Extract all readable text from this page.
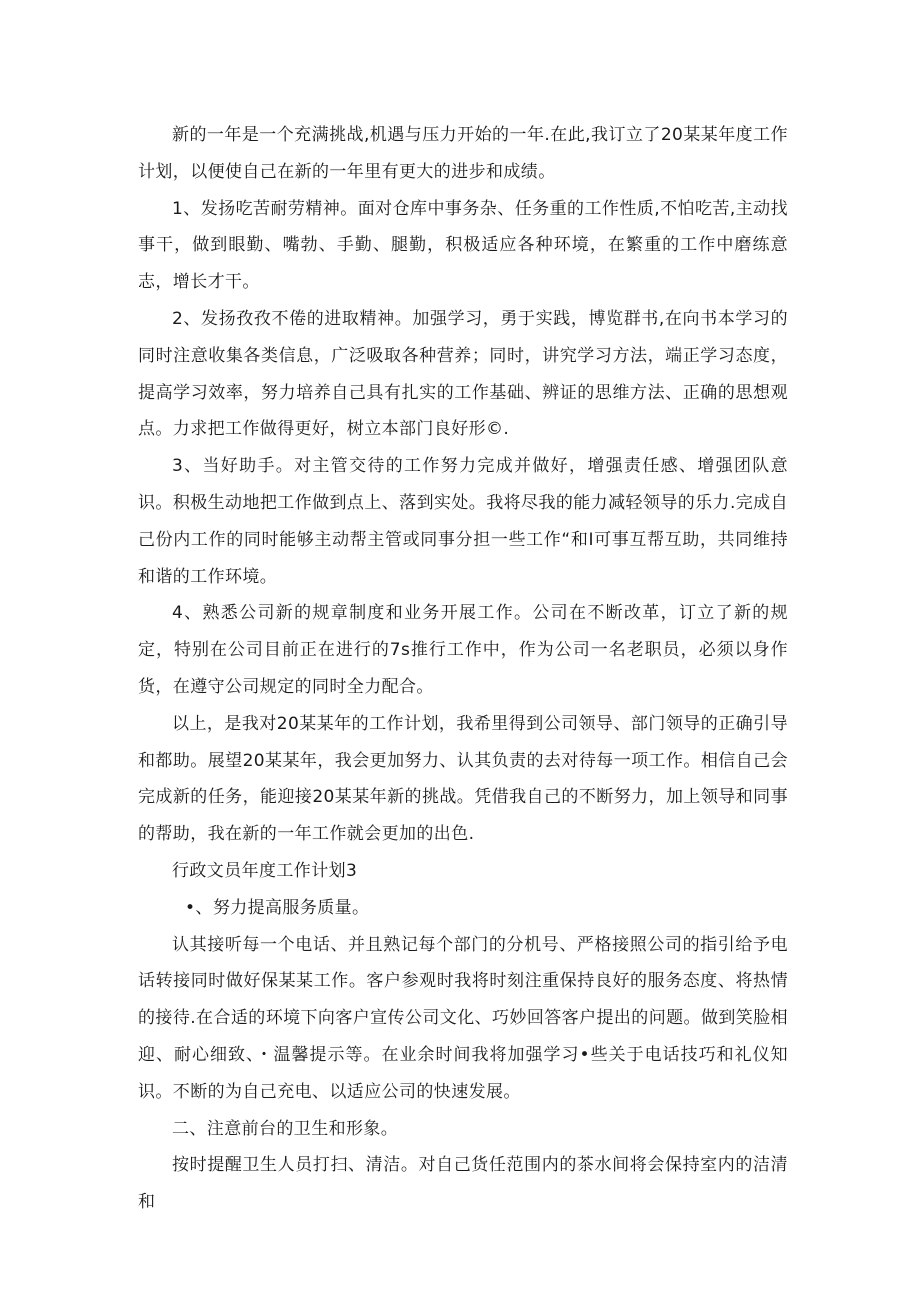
新的一年是一个充满挑战,机遇与压力开始的一年.在此,我订立了20某某年度工作计划，以便使自己在新的一年里有更大的进步和成绩。

1、发扬吃苦耐劳精神。面对仓库中事务杂、任务重的工作性质,不怕吃苦,主动找事干，做到眼勤、嘴勃、手勤、腿勤，积极适应各种环境，在繁重的工作中磨练意志，增长才干。

2、发扬孜孜不倦的进取精神。加强学习，勇于实践，博览群书,在向书本学习的同时注意收集各类信息，广泛吸取各种营养；同时，讲究学习方法，端正学习态度，提高学习效率，努力培养自己具有扎实的工作基础、辨证的思维方法、正确的思想观点。力求把工作做得更好，树立本部门良好形©.

3、当好助手。对主管交待的工作努力完成并做好，增强责任感、增强团队意识。积极生动地把工作做到点上、落到实处。我将尽我的能力减轻领导的乐力.完成自己份内工作的同时能够主动帮主管或同事分担一些工作“和I可事互帮互助，共同维持和谐的工作环境。

4、熟悉公司新的规章制度和业务开展工作。公司在不断改革，订立了新的规定，特别在公司目前正在进行的7s推行工作中，作为公司一名老职员，必须以身作货，在遵守公司规定的同时全力配合。

以上，是我对20某某年的工作计划，我希里得到公司领导、部门领导的正确引导和都助。展望20某某年，我会更加努力、认其负责的去对待每一项工作。相信自己会完成新的任务，能迎接20某某年新的挑战。凭借我自己的不断努力，加上领导和同事的帮助，我在新的一年工作就会更加的出色.

行政文员年度工作计划3

•、努力提高服务质量。

认其接听每一个电话、并且熟记每个部门的分机号、严格接照公司的指引给予电话转接同时做好保某某工作。客户参观时我将时刻注重保持良好的服务态度、将热情的接待.在合适的环境下向客户宣传公司文化、巧妙回答客户提出的问题。做到笑脸相迎、耐心细致、・温馨提示等。在业余时间我将加强学习•些关于电话技巧和礼仪知识。不断的为自己充电、以适应公司的快速发展。

二、注意前台的卫生和形象。

按时提醒卫生人员打扫、清洁。对自己货任范围内的茶水间将会保持室内的洁清和
